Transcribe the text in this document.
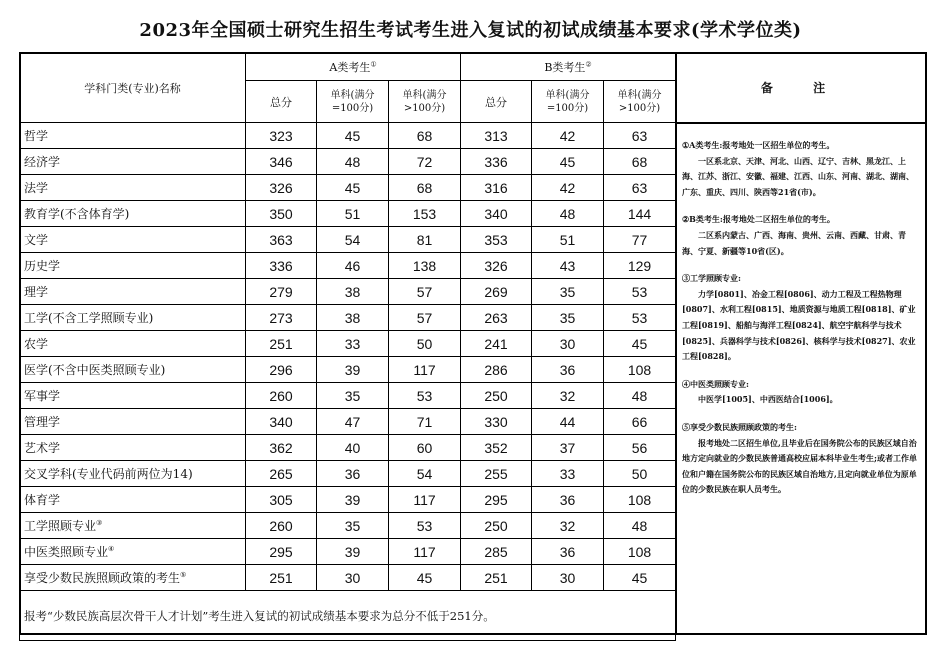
2023年全国硕士研究生招生考试考生进入复试的初试成绩基本要求(学术学位类)
学科门类(专业)名称	A类考生①			B类考生②
	总分	单科(满分=100分)	单科(满分>100分)	总分	单科(满分=100分)	单科(满分>100分)
哲学	323	45	68	313	42	63
经济学	346	48	72	336	45	68
法学	326	45	68	316	42	63
教育学(不含体育学)	350	51	153	340	48	144
文学	363	54	81	353	51	77
历史学	336	46	138	326	43	129
理学	279	38	57	269	35	53
工学(不含工学照顾专业)	273	38	57	263	35	53
农学	251	33	50	241	30	45
医学(不含中医类照顾专业)	296	39	117	286	36	108
军事学	260	35	53	250	32	48
管理学	340	47	71	330	44	66
艺术学	362	40	60	352	37	56
交叉学科(专业代码前两位为14)	265	36	54	255	33	50
体育学	305	39	117	295	36	108
工学照顾专业③	260	35	53	250	32	48
中医类照顾专业④	295	39	117	285	36	108
享受少数民族照顾政策的考生⑤	251	30	45	251	30	45
报考“少数民族高层次骨干人才计划”考生进入复试的初试成绩基本要求为总分不低于251分。						
备 注
①A类考生:报考地处一区招生单位的考生。
一区系北京、天津、河北、山西、辽宁、吉林、黑龙江、上海、江苏、浙江、安徽、福建、江西、山东、河南、湖北、湖南、广东、重庆、四川、陕西等21省(市)。
②B类考生:报考地处二区招生单位的考生。
二区系内蒙古、广西、海南、贵州、云南、西藏、甘肃、青海、宁夏、新疆等10省(区)。
③工学照顾专业:
力学[0801]、冶金工程[0806]、动力工程及工程热物理[0807]、水利工程[0815]、地质资源与地质工程[0818]、矿业工程[0819]、船舶与海洋工程[0824]、航空宇航科学与技术[0825]、兵器科学与技术[0826]、核科学与技术[0827]、农业工程[0828]。
④中医类照顾专业:
中医学[1005]、中西医结合[1006]。
⑤享受少数民族照顾政策的考生:
报考地处二区招生单位,且毕业后在国务院公布的民族区域自治地方定向就业的少数民族普通高校应届本科毕业生考生;或者工作单位和户籍在国务院公布的民族区域自治地方,且定向就业单位为原单位的少数民族在职人员考生。
